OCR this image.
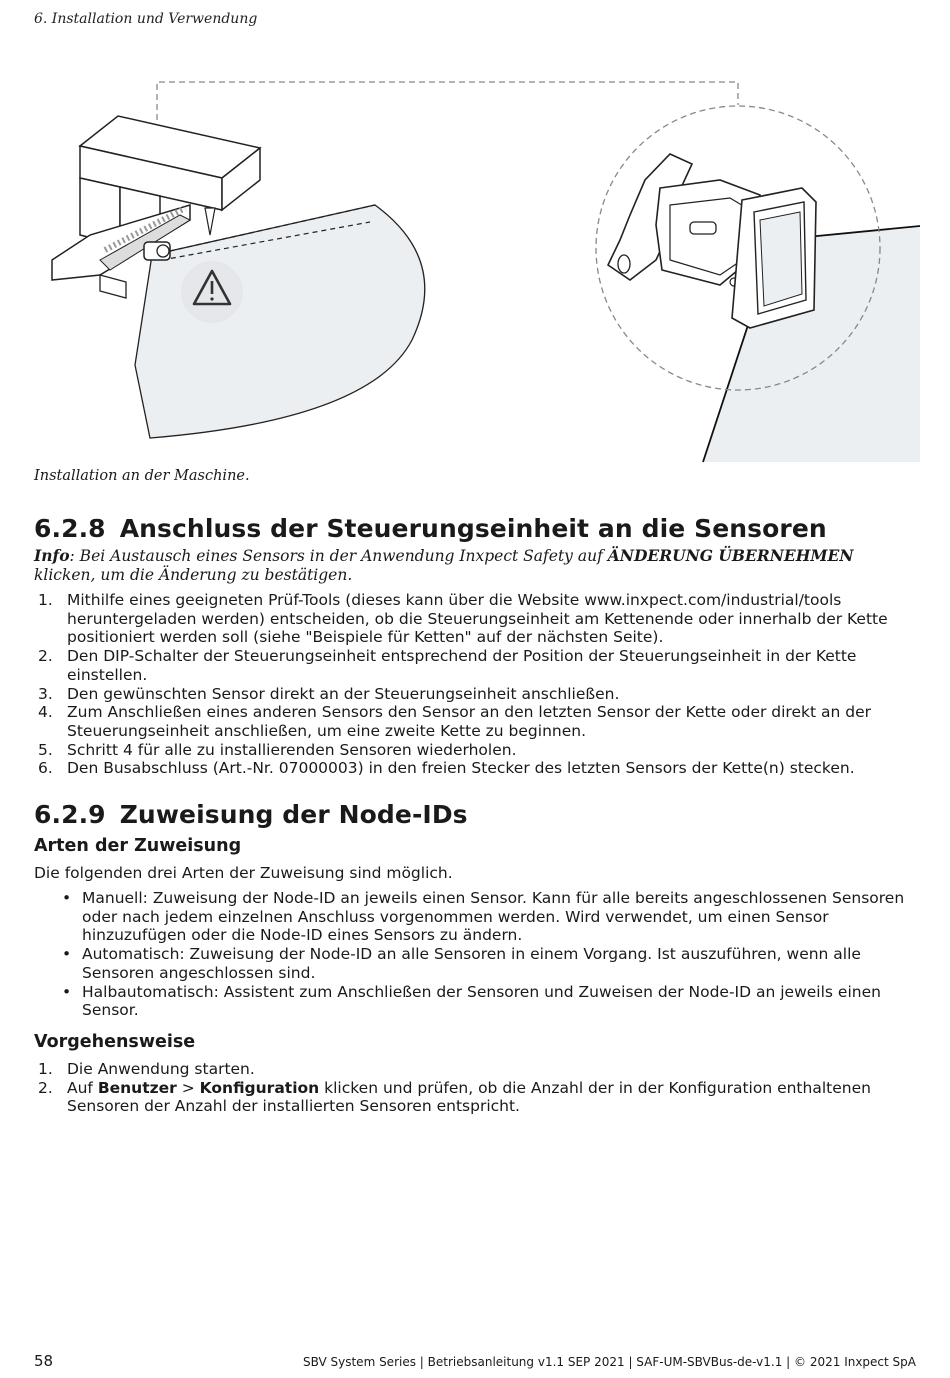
6. Installation und Verwendung
Installation an der Maschine.
6.2.8 Anschluss der Steuerungseinheit an die Sensoren
Info: Bei Austausch eines Sensors in der Anwendung Inxpect Safety auf ÄNDERUNG ÜBERNEHMEN klicken, um die Änderung zu bestätigen.
1. Mithilfe eines geeigneten Prüf-Tools (dieses kann über die Website www.inxpect.com/industrial/tools heruntergeladen werden) entscheiden, ob die Steuerungseinheit am Kettenende oder innerhalb der Kette positioniert werden soll (siehe "Beispiele für Ketten" auf der nächsten Seite).
2. Den DIP-Schalter der Steuerungseinheit entsprechend der Position der Steuerungseinheit in der Kette einstellen.
3. Den gewünschten Sensor direkt an der Steuerungseinheit anschließen.
4. Zum Anschließen eines anderen Sensors den Sensor an den letzten Sensor der Kette oder direkt an der Steuerungseinheit anschließen, um eine zweite Kette zu beginnen.
5. Schritt 4 für alle zu installierenden Sensoren wiederholen.
6. Den Busabschluss (Art.-Nr. 07000003) in den freien Stecker des letzten Sensors der Kette(n) stecken.
6.2.9 Zuweisung der Node-IDs
Arten der Zuweisung
Die folgenden drei Arten der Zuweisung sind möglich.
• Manuell: Zuweisung der Node-ID an jeweils einen Sensor. Kann für alle bereits angeschlossenen Sensoren oder nach jedem einzelnen Anschluss vorgenommen werden. Wird verwendet, um einen Sensor hinzuzufügen oder die Node-ID eines Sensors zu ändern.
• Automatisch: Zuweisung der Node-ID an alle Sensoren in einem Vorgang. Ist auszuführen, wenn alle Sensoren angeschlossen sind.
• Halbautomatisch: Assistent zum Anschließen der Sensoren und Zuweisen der Node-ID an jeweils einen Sensor.
Vorgehensweise
1. Die Anwendung starten.
2. Auf Benutzer > Konfiguration klicken und prüfen, ob die Anzahl der in der Konfiguration enthaltenen Sensoren der Anzahl der installierten Sensoren entspricht.
58	SBV System Series | Betriebsanleitung v1.1 SEP 2021 | SAF-UM-SBVBus-de-v1.1 | © 2021 Inxpect SpA
